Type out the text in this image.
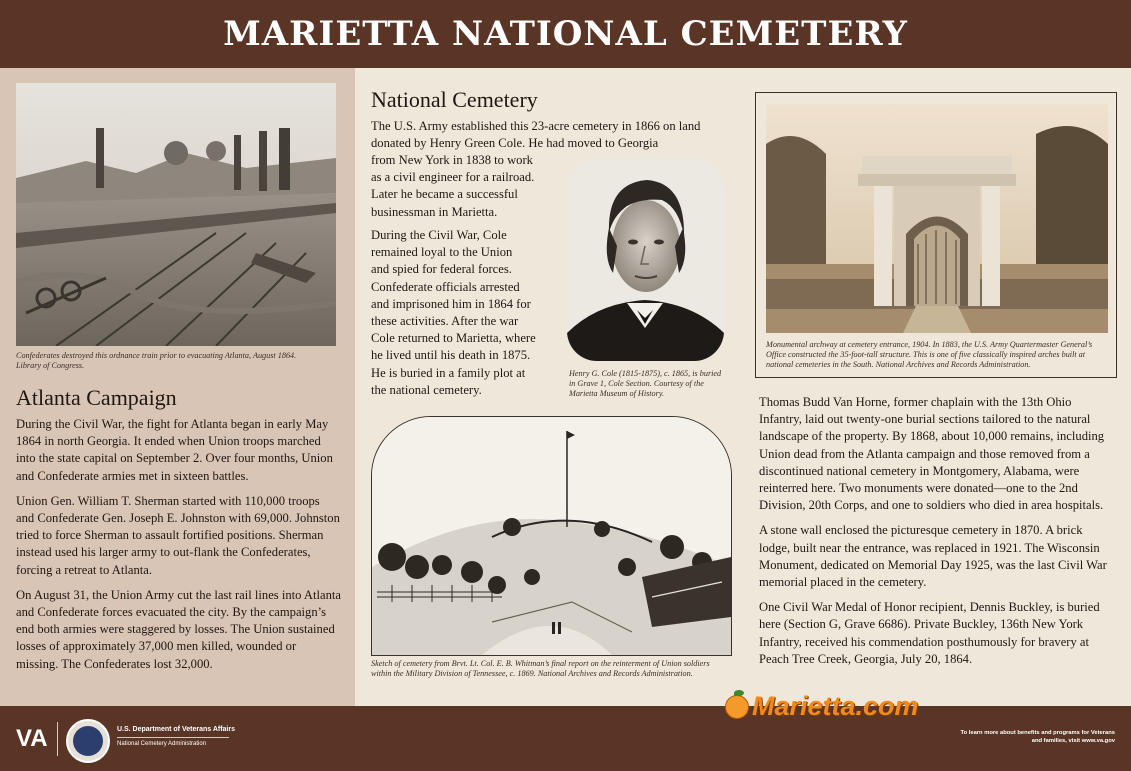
MARIETTA NATIONAL CEMETERY
Confederates destroyed this ordnance train prior to evacuating Atlanta, August 1864. Library of Congress.
Atlanta Campaign

During the Civil War, the fight for Atlanta began in early May 1864 in north Georgia. It ended when Union troops marched into the state capital on September 2. Over four months, Union and Confederate armies met in sixteen battles.

Union Gen. William T. Sherman started with 110,000 troops and Confederate Gen. Joseph E. Johnston with 69,000. Johnston tried to force Sherman to assault fortified positions. Sherman instead used his larger army to out-flank the Confederates, forcing a retreat to Atlanta.

On August 31, the Union Army cut the last rail lines into Atlanta and Confederate forces evacuated the city. By the campaign’s end both armies were staggered by losses. The Union sustained losses of approximately 37,000 men killed, wounded or missing. The Confederates lost 32,000.

National Cemetery
The U.S. Army established this 23-acre cemetery in 1866 on land donated by Henry Green Cole. He had moved to Georgia
from New York in 1838 to work
as a civil engineer for a railroad.
Later he became a successful
businessman in Marietta.
During the Civil War, Cole
remained loyal to the Union
and spied for federal forces.
Confederate officials arrested
and imprisoned him in 1864 for
these activities. After the war
Cole returned to Marietta, where
he lived until his death in 1875.
He is buried in a family plot at
the national cemetery.
Henry G. Cole (1815-1875), c. 1865, is buried in Grave 1, Cole Section. Courtesy of the Marietta Museum of History.
Sketch of cemetery from Brvt. Lt. Col. E. B. Whitman’s final report on the reinterment of Union soldiers within the Military Division of Tennessee, c. 1869. National Archives and Records Administration.
Monumental archway at cemetery entrance, 1904. In 1883, the U.S. Army Quartermaster General’s Office constructed the 35-foot-tall structure. This is one of five classically inspired arches built at national cemeteries in the South. National Archives and Records Administration.

Thomas Budd Van Horne, former chaplain with the 13th Ohio Infantry, laid out twenty-one burial sections tailored to the natural landscape of the property. By 1868, about 10,000 remains, including Union dead from the Atlanta campaign and those removed from a discontinued national cemetery in Montgomery, Alabama, were reinterred here. Two monuments were donated—one to the 2nd Division, 20th Corps, and one to soldiers who died in area hospitals.

A stone wall enclosed the picturesque cemetery in 1870. A brick lodge, built near the entrance, was replaced in 1921. The Wisconsin Monument, dedicated on Memorial Day 1925, was the last Civil War memorial placed in the cemetery.

One Civil War Medal of Honor recipient, Dennis Buckley, is buried here (Section G, Grave 6686). Private Buckley, 136th New York Infantry, received his commendation posthumously for bravery at Peach Tree Creek, Georgia, July 20, 1864.

VA	U.S. Department of Veterans Affairs
National Cemetery Administration
To learn more about benefits and programs for Veterans and families, visit www.va.gov
Marietta.com
